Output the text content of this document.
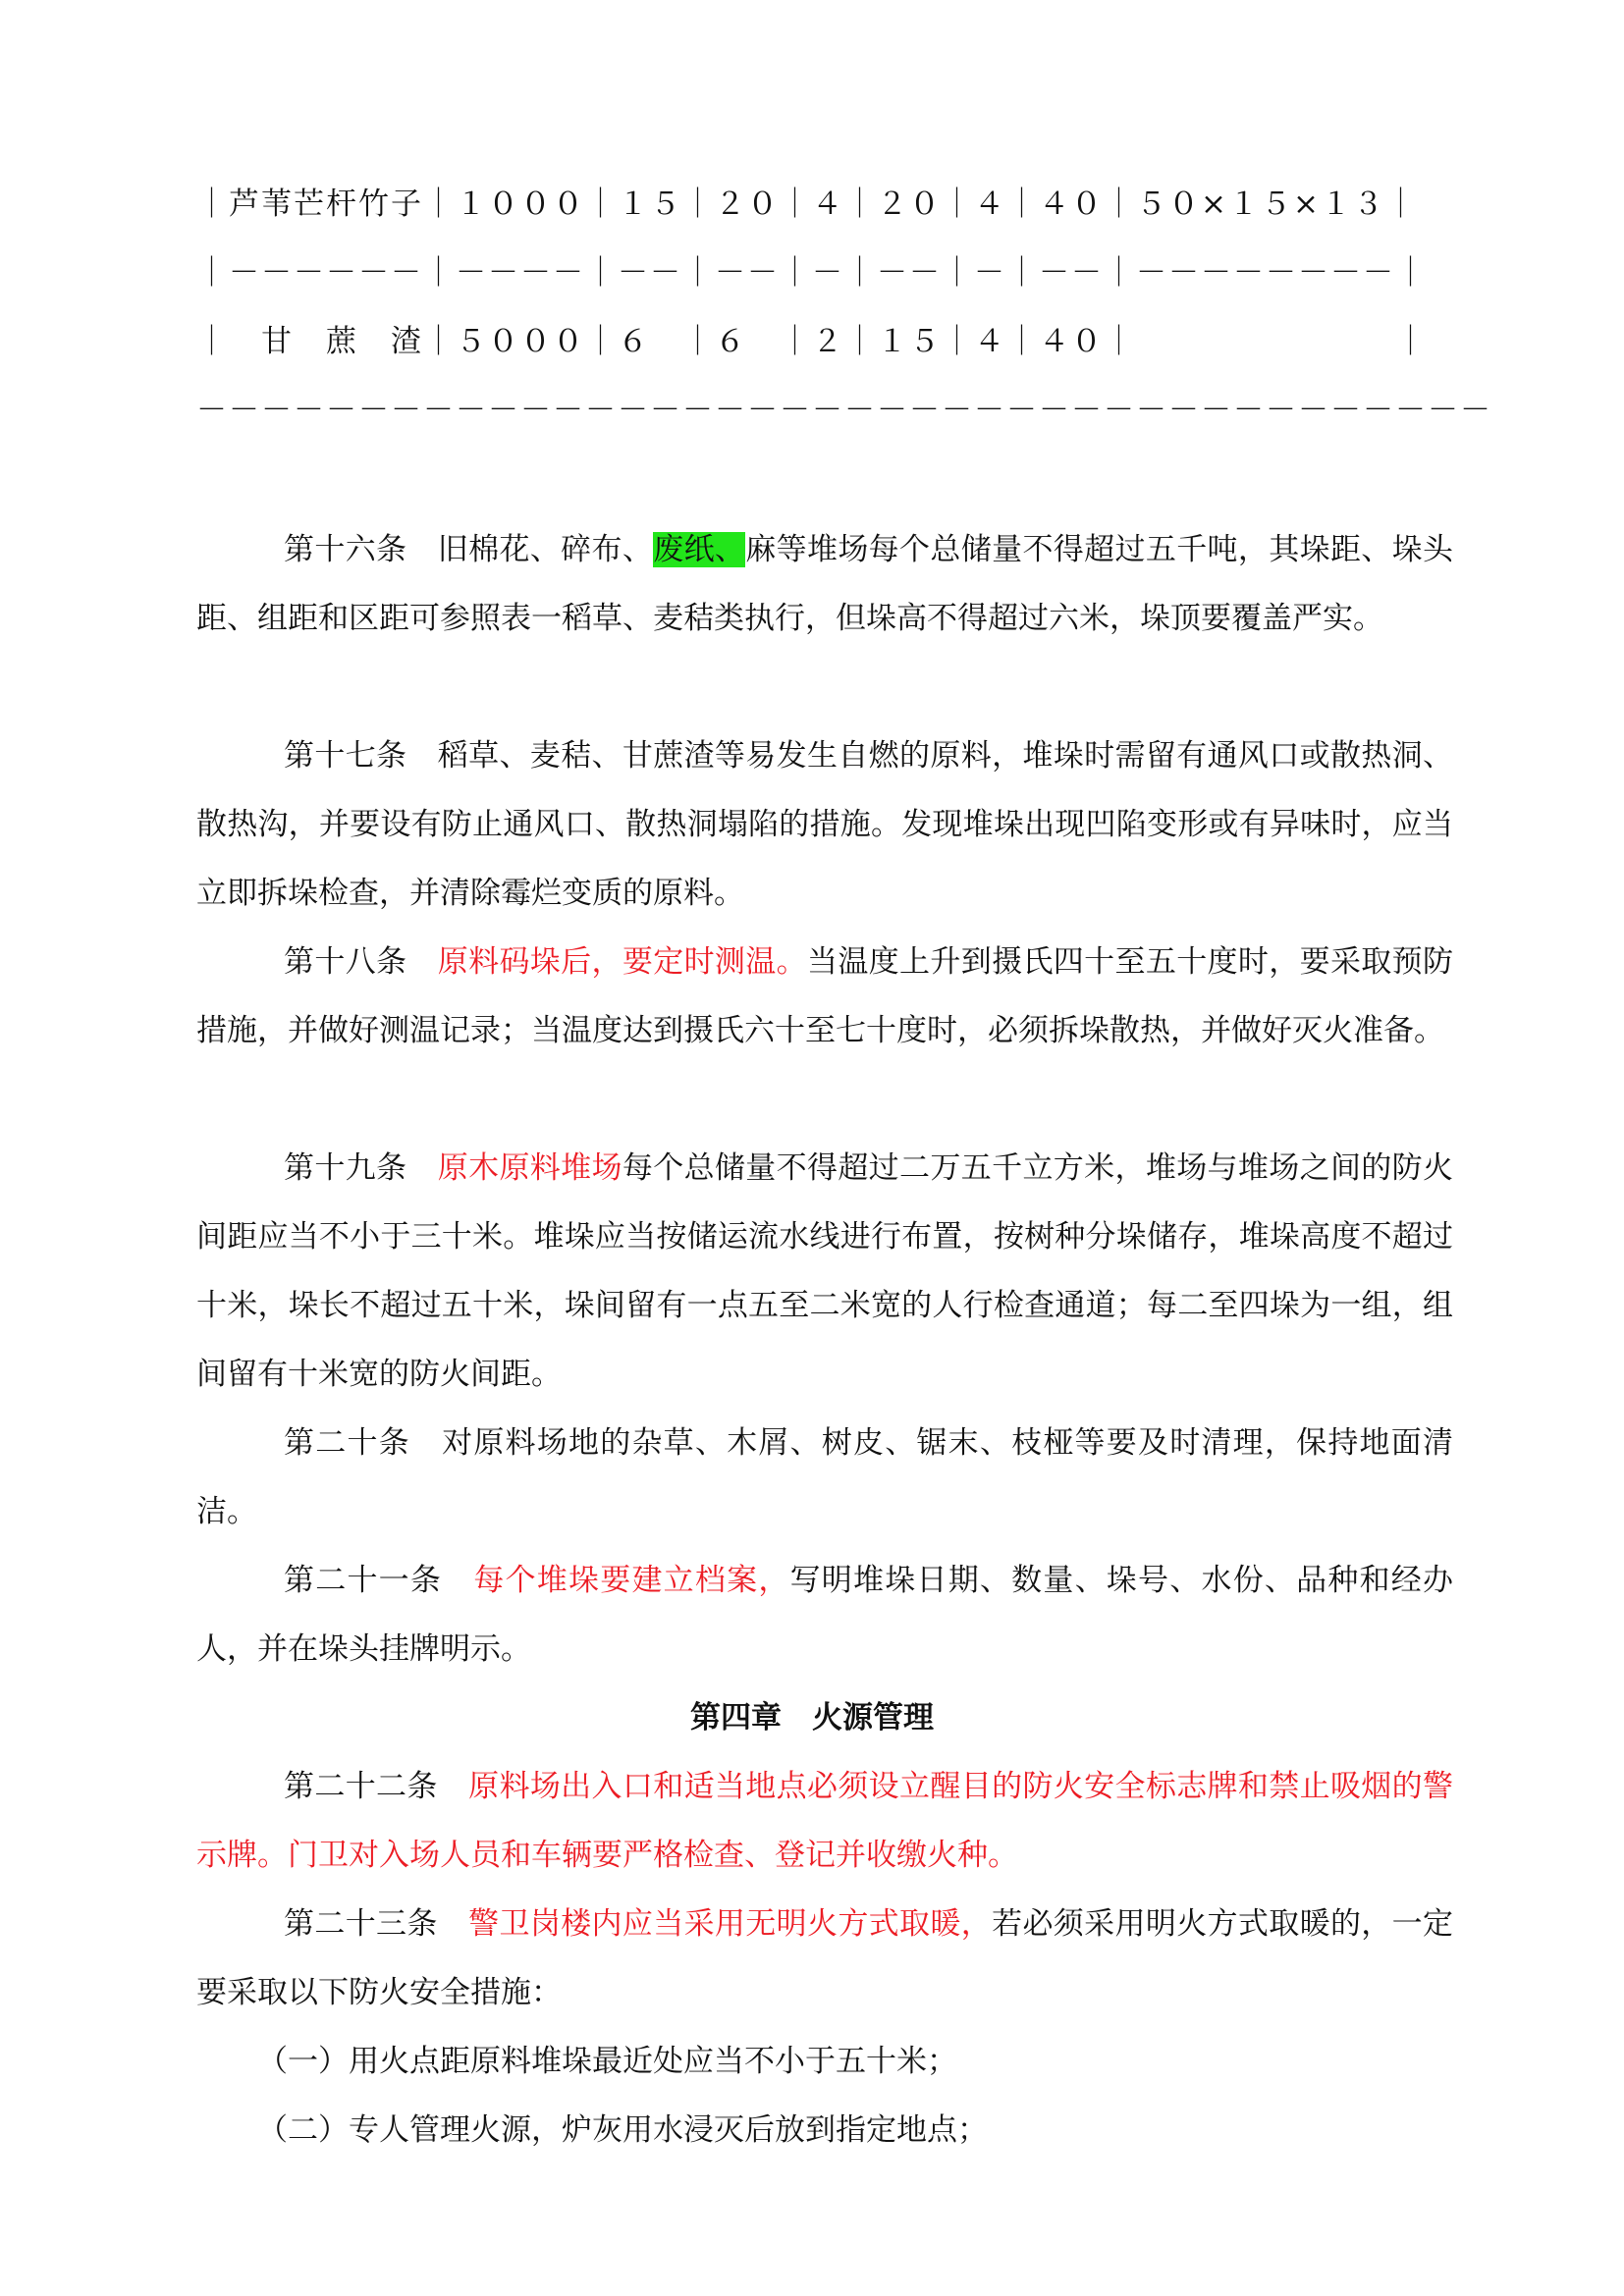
｜芦苇芒杆竹子｜１０００｜１５｜２０｜４｜２０｜４｜４０｜５０×１５×１３｜
｜－－－－－－｜－－－－｜－－｜－－｜－｜－－｜－｜－－｜－－－－－－－－｜
｜　甘　蔗　渣｜５０００｜６　｜６　｜２｜１５｜４｜４０｜　　　　　　　　｜
－－－－－－－－－－－－－－－－－－－－－－－－－－－－－－－－－－－－－－－－
第十六条 旧棉花、碎布、废纸、麻等堆场每个总储量不得超过五千吨，其垛距、垛头距、组距和区距可参照表一稻草、麦秸类执行，但垛高不得超过六米，垛顶要覆盖严实。
第十七条 稻草、麦秸、甘蔗渣等易发生自燃的原料，堆垛时需留有通风口或散热洞、散热沟，并要设有防止通风口、散热洞塌陷的措施。发现堆垛出现凹陷变形或有异味时，应当立即拆垛检查，并清除霉烂变质的原料。
第十八条 原料码垛后，要定时测温。当温度上升到摄氏四十至五十度时，要采取预防措施，并做好测温记录；当温度达到摄氏六十至七十度时，必须拆垛散热，并做好灭火准备。
第十九条 原木原料堆场每个总储量不得超过二万五千立方米，堆场与堆场之间的防火间距应当不小于三十米。堆垛应当按储运流水线进行布置，按树种分垛储存，堆垛高度不超过十米，垛长不超过五十米，垛间留有一点五至二米宽的人行检查通道；每二至四垛为一组，组间留有十米宽的防火间距。
第二十条 对原料场地的杂草、木屑、树皮、锯末、枝桠等要及时清理，保持地面清洁。
第二十一条 每个堆垛要建立档案，写明堆垛日期、数量、垛号、水份、品种和经办人，并在垛头挂牌明示。
第四章　火源管理
第二十二条 原料场出入口和适当地点必须设立醒目的防火安全标志牌和禁止吸烟的警示牌。门卫对入场人员和车辆要严格检查、登记并收缴火种。
第二十三条 警卫岗楼内应当采用无明火方式取暖，若必须采用明火方式取暖的，一定要采取以下防火安全措施：
（一）用火点距原料堆垛最近处应当不小于五十米；
（二）专人管理火源，炉灰用水浸灭后放到指定地点；
